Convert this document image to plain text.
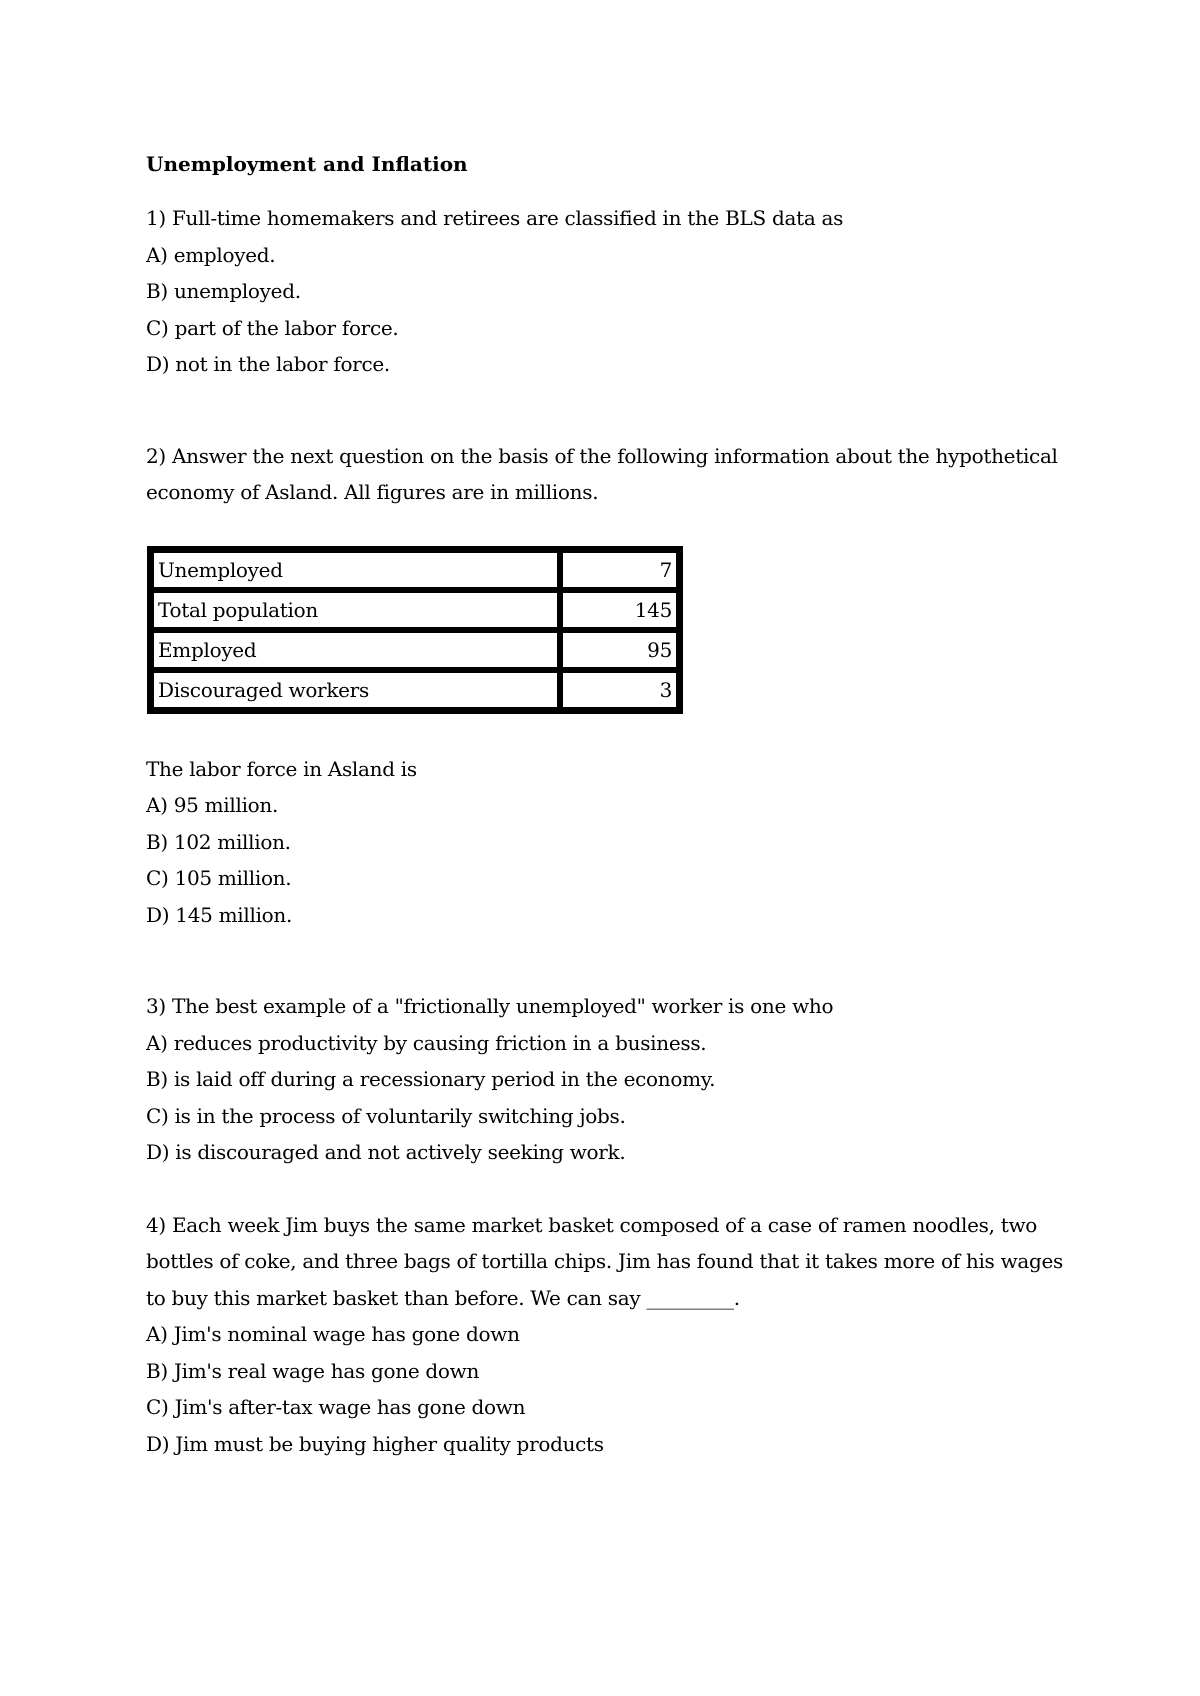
Unemployment and Inflation
1) Full-time homemakers and retirees are classified in the BLS data as
A) employed.
B) unemployed.
C) part of the labor force.
D) not in the labor force.
2) Answer the next question on the basis of the following information about the hypothetical
economy of Asland. All figures are in millions.
Unemployed	7
Total population	145
Employed	95
Discouraged workers	3
The labor force in Asland is
A) 95 million.
B) 102 million.
C) 105 million.
D) 145 million.
3) The best example of a "frictionally unemployed" worker is one who
A) reduces productivity by causing friction in a business.
B) is laid off during a recessionary period in the economy.
C) is in the process of voluntarily switching jobs.
D) is discouraged and not actively seeking work.
4) Each week Jim buys the same market basket composed of a case of ramen noodles, two
bottles of coke, and three bags of tortilla chips. Jim has found that it takes more of his wages
to buy this market basket than before. We can say _________.
A) Jim's nominal wage has gone down
B) Jim's real wage has gone down
C) Jim's after-tax wage has gone down
D) Jim must be buying higher quality products
